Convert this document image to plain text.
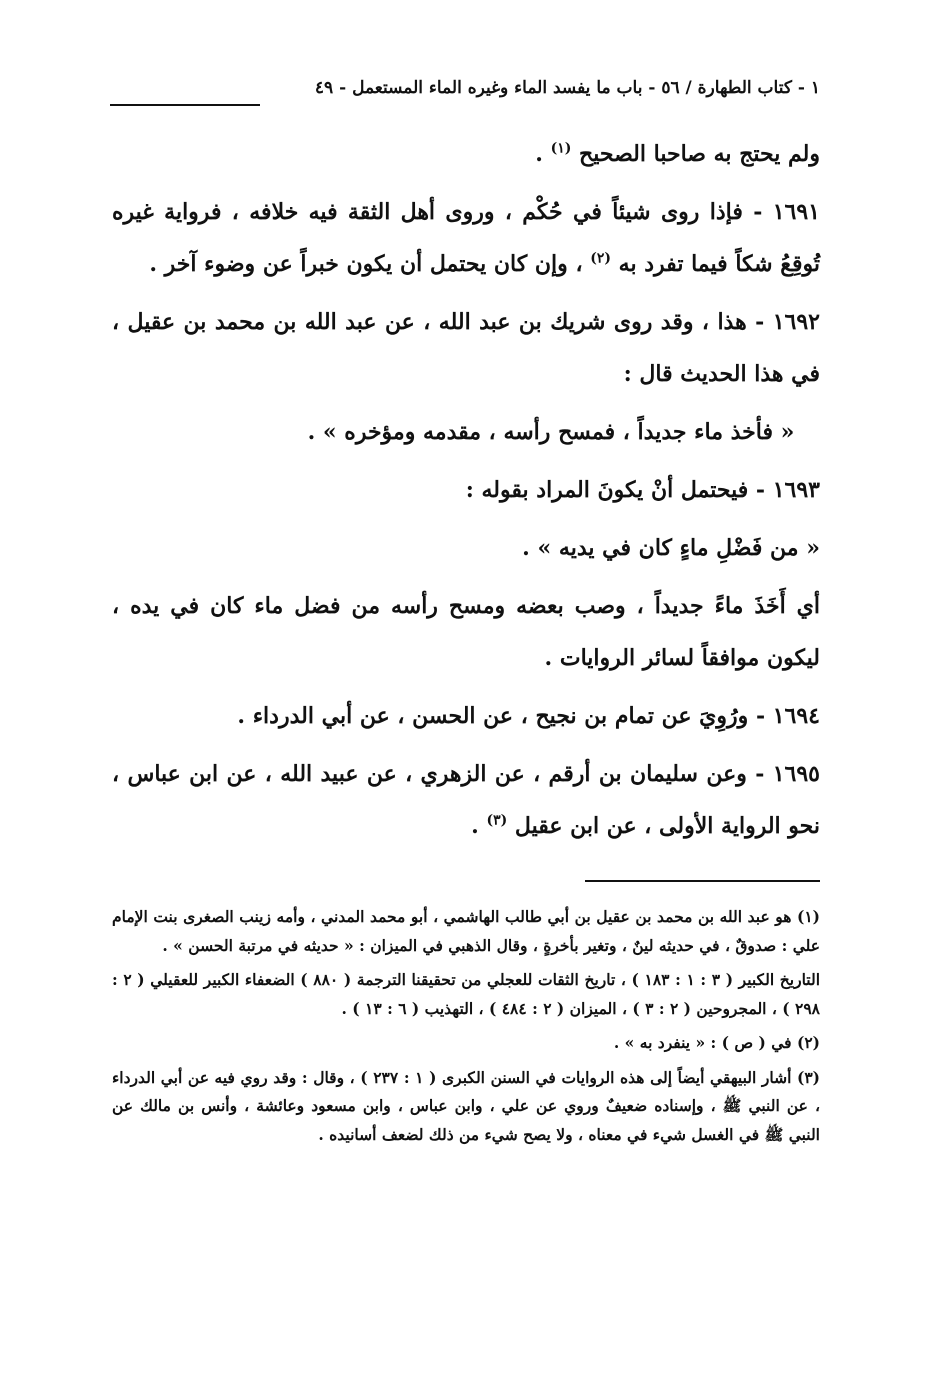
١ - كتاب الطهارة / ٥٦ - باب ما يفسد الماء وغيره الماء المستعمل - ٤٩

ولم يحتج به صاحبا الصحيح $^{(١)}$ .

١٦٩١ - فإذا روى شيئاً في حُكْم ، وروى أهل الثقة فيه خلافه ، فرواية غيره تُوقِعُ شكاً فيما تفرد به $^{(٢)}$ ، وإن كان يحتمل أن يكون خبراً عن وضوء آخر .

١٦٩٢ - هذا ، وقد روى شريك بن عبد الله ، عن عبد الله بن محمد بن عقيل ، في هذا الحديث قال :

« فأخذ ماء جديداً ، فمسح رأسه ، مقدمه ومؤخره » .

١٦٩٣ - فيحتمل أنْ يكونَ المراد بقوله :

« من فَضْلِ ماءٍ كان في يديه » .

أي أَخَذَ ماءً جديداً ، وصب بعضه ومسح رأسه من فضل ماء كان في يده ، ليكون موافقاً لسائر الروايات .

١٦٩٤ - ورُوِيَ عن تمام بن نجيح ، عن الحسن ، عن أبي الدرداء .

١٦٩٥ - وعن سليمان بن أرقم ، عن الزهري ، عن عبيد الله ، عن ابن عباس ، نحو الرواية الأولى ، عن ابن عقيل $^{(٣)}$ .

(١) هو عبد الله بن محمد بن عقيل بن أبي طالب الهاشمي ، أبو محمد المدني ، وأمه زينب الصغرى بنت الإمام علي : صدوقٌ ، في حديثه لينٌ ، وتغير بأخرةٍ ، وقال الذهبي في الميزان : « حديثه في مرتبة الحسن » .

التاريخ الكبير ( ٣ : ١ : ١٨٣ ) ، تاريخ الثقات للعجلي من تحقيقنا الترجمة ( ٨٨٠ ) الضعفاء الكبير للعقيلي ( ٢ : ٢٩٨ ) ، المجروحين ( ٢ : ٣ ) ، الميزان ( ٢ : ٤٨٤ ) ، التهذيب ( ٦ : ١٣ ) .

(٢) في ( ص ) : « ينفرد به » .

(٣) أشار البيهقي أيضاً إلى هذه الروايات في السنن الكبرى ( ١ : ٢٣٧ ) ، وقال : وقد روي فيه عن أبي الدرداء ، عن النبي ﷺ ، وإسناده ضعيفٌ وروي عن علي ، وابن عباس ، وابن مسعود وعائشة ، وأنس بن مالك عن النبي ﷺ في الغسل شيء في معناه ، ولا يصح شيء من ذلك لضعف أسانيده .
